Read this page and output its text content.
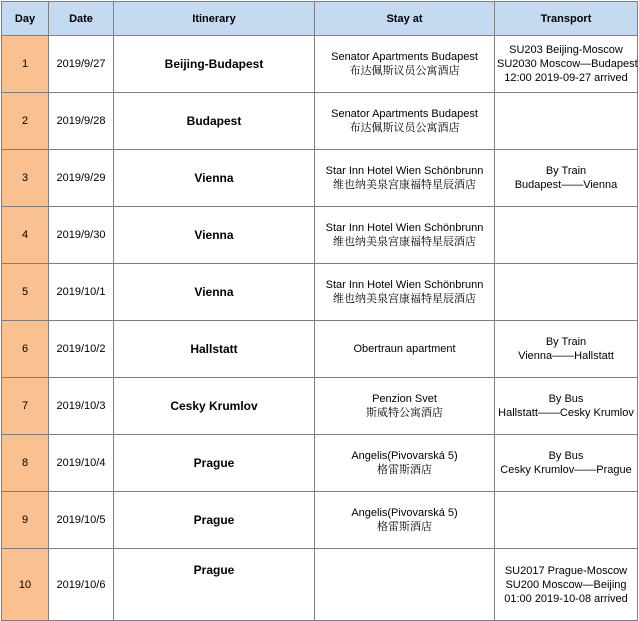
Day	Date	Itinerary	Stay at	Transport
1	2019/9/27	Beijing-Budapest	Senator Apartments Budapest
布达佩斯议员公寓酒店	SU203 Beijing-Moscow
SU2030 Moscow—Budapest
12:00 2019-09-27 arrived

2	2019/9/28	Budapest	Senator Apartments Budapest
布达佩斯议员公寓酒店	

3	2019/9/29	Vienna	Star Inn Hotel Wien Schönbrunn
维也纳美泉宫康福特星辰酒店	By Train
Budapest——Vienna

4	2019/9/30	Vienna	Star Inn Hotel Wien Schönbrunn
维也纳美泉宫康福特星辰酒店	

5	2019/10/1	Vienna	Star Inn Hotel Wien Schönbrunn
维也纳美泉宫康福特星辰酒店	

6	2019/10/2	Hallstatt	Obertraun apartment	By Train
Vienna——Hallstatt

7	2019/10/3	Cesky Krumlov	Penzion Svet
斯威特公寓酒店	By Bus
Hallstatt——Cesky Krumlov

8	2019/10/4	Prague	Angelis(Pivovarská 5)
格雷斯酒店	By Bus
Cesky Krumlov——Prague

9	2019/10/5	Prague	Angelis(Pivovarská 5)
格雷斯酒店	

10	2019/10/6	Prague		SU2017 Prague-Moscow
SU200 Moscow—Beijing
01:00 2019-10-08 arrived
